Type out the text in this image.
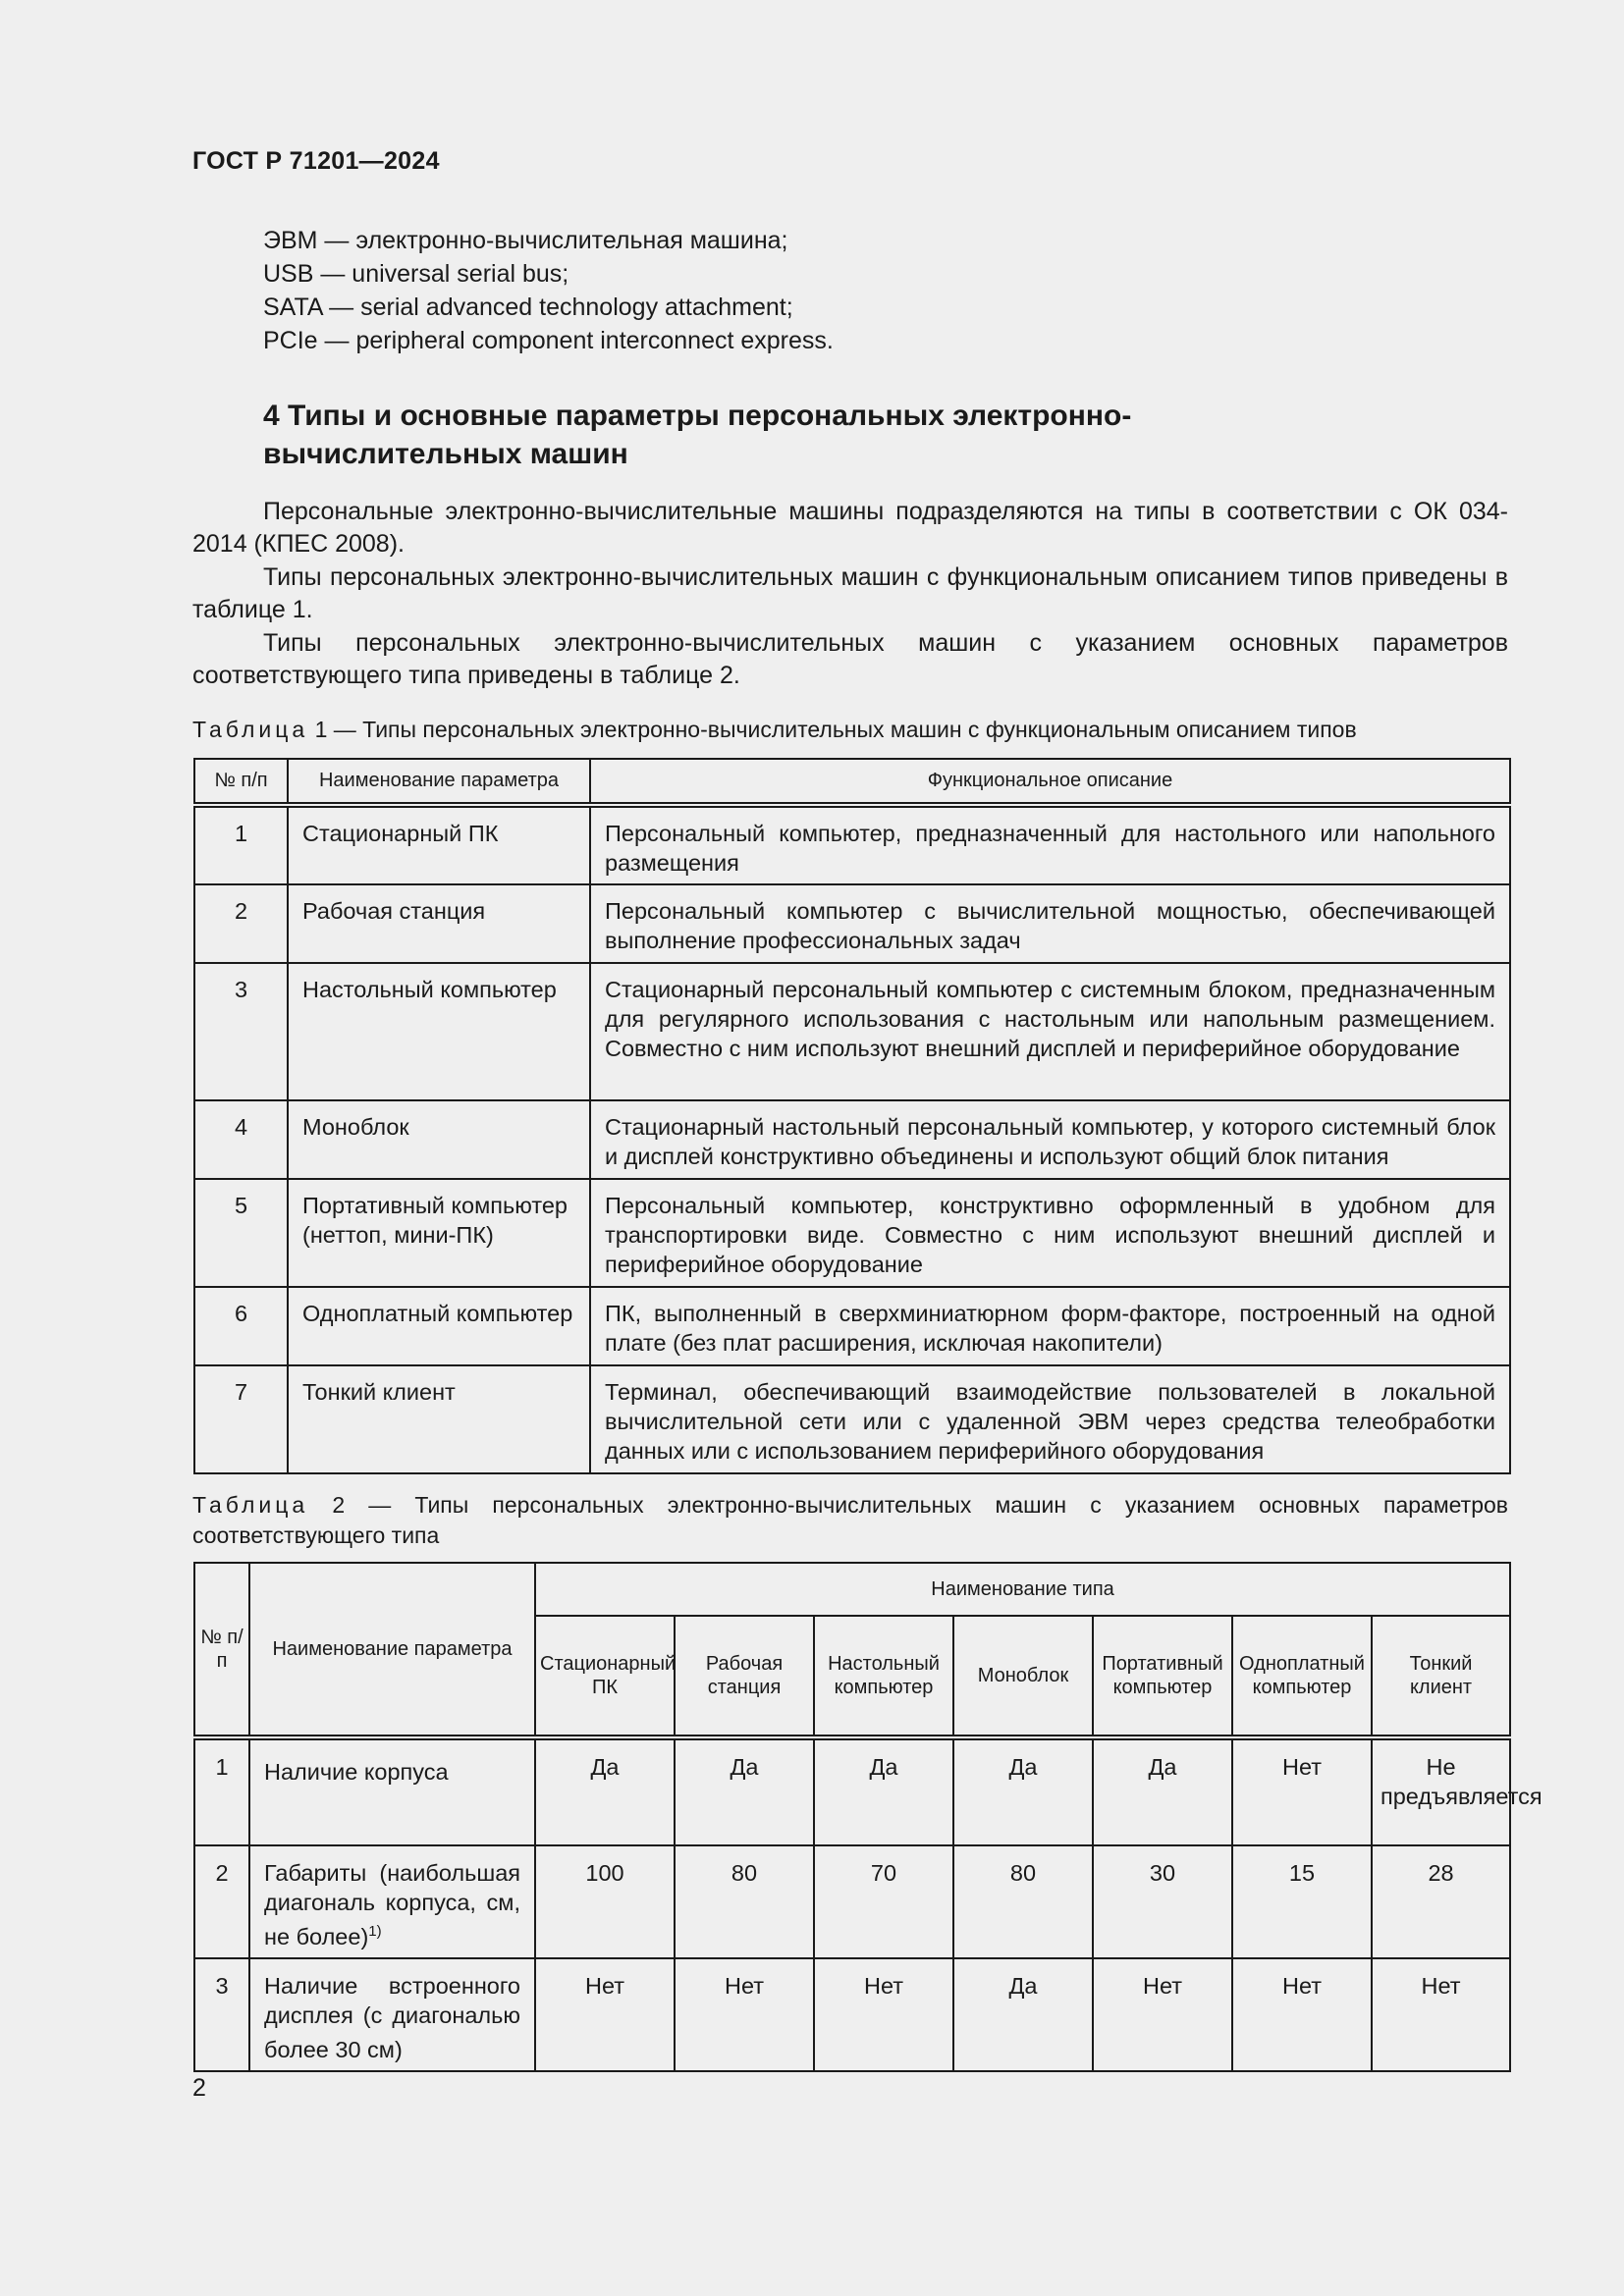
ГОСТ Р 71201—2024
ЭВМ — электронно-вычислительная машина;
USB — universal serial bus;
SATA — serial advanced technology attachment;
PCIe — peripheral component interconnect express.
4 Типы и основные параметры персональных электронно-вычислительных машин
Персональные электронно-вычислительные машины подразделяются на типы в соответствии с ОК 034-2014 (КПЕС 2008).
Типы персональных электронно-вычислительных машин с функциональным описанием типов приведены в таблице 1.
Типы персональных электронно-вычислительных машин с указанием основных параметров соответствующего типа приведены в таблице 2.
Таблица 1 — Типы персональных электронно-вычислительных машин с функциональным описанием типов
№ п/п	Наименование параметра	Функциональное описание
1	Стационарный ПК	Персональный компьютер, предназначенный для настольного или напольного размещения
2	Рабочая станция	Персональный компьютер с вычислительной мощностью, обеспечивающей выполнение профессиональных задач
3	Настольный компьютер	Стационарный персональный компьютер с системным блоком, предназначенным для регулярного использования с настольным или напольным размещением. Совместно с ним используют внешний дисплей и периферийное оборудование
4	Моноблок	Стационарный настольный персональный компьютер, у которого системный блок и дисплей конструктивно объединены и используют общий блок питания
5	Портативный компьютер (неттоп, мини-ПК)	Персональный компьютер, конструктивно оформленный в удобном для транспортировки виде. Совместно с ним используют внешний дисплей и периферийное оборудование
6	Одноплатный компьютер	ПК, выполненный в сверхминиатюрном форм-факторе, построенный на одной плате (без плат расширения, исключая накопители)
7	Тонкий клиент	Терминал, обеспечивающий взаимодействие пользователей в локальной вычислительной сети или с удаленной ЭВМ через средства телеобработки данных или с использованием периферийного оборудования
Таблица 2 — Типы персональных электронно-вычислительных машин с указанием основных параметров соответствующего типа
№ п/п	Наименование параметра	Наименование типа						
		Стационарный ПК	Рабочая станция	Настольный компьютер	Моноблок	Портативный компьютер	Одноплатный компьютер	Тонкий клиент
1	Наличие корпуса	Да	Да	Да	Да	Да	Нет	Не предъявляется
2	Габариты (наибольшая диагональ корпуса, см, не более)$^{1)}$	100	80	70	80	30	15	28
3	Наличие встроенного дисплея (с диагональю более 30 см)	Нет	Нет	Нет	Да	Нет	Нет	Нет
2
